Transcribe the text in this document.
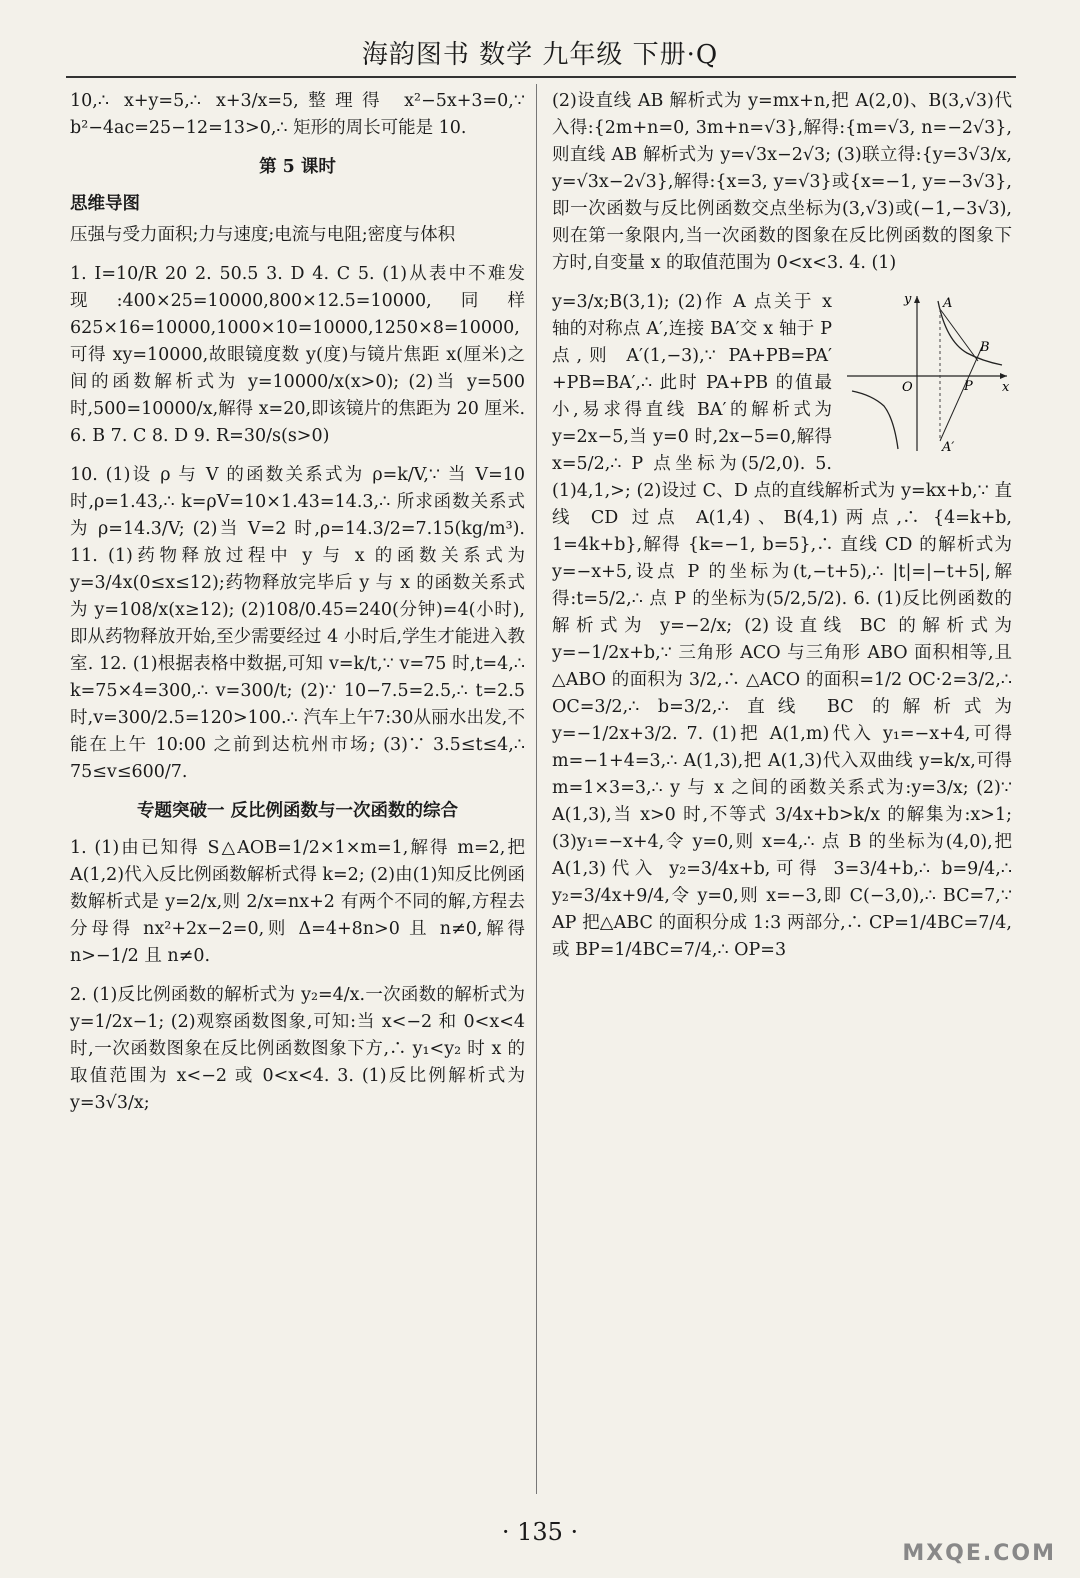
海韵图书 数学 九年级 下册·Q

10,∴ x+y=5,∴ x+3/x=5,整理得 x²−5x+3=0,∵ b²−4ac=25−12=13>0,∴ 矩形的周长可能是 10.

第 5 课时

思维导图

压强与受力面积;力与速度;电流与电阻;密度与体积

1. I=10/R 20 2. 50.5 3. D 4. C 5. (1)从表中不难发现:400×25=10000,800×12.5=10000,同样 625×16=10000,1000×10=10000,1250×8=10000,可得 xy=10000,故眼镜度数 y(度)与镜片焦距 x(厘米)之间的函数解析式为 y=10000/x(x>0); (2)当 y=500 时,500=10000/x,解得 x=20,即该镜片的焦距为 20 厘米. 6. B 7. C 8. D 9. R=30/s(s>0)

10. (1)设 ρ 与 V 的函数关系式为 ρ=k/V,∵ 当 V=10 时,ρ=1.43,∴ k=ρV=10×1.43=14.3,∴ 所求函数关系式为 ρ=14.3/V; (2)当 V=2 时,ρ=14.3/2=7.15(kg/m³). 11. (1)药物释放过程中 y 与 x 的函数关系式为 y=3/4x(0≤x≤12);药物释放完毕后 y 与 x 的函数关系式为 y=108/x(x≥12); (2)108/0.45=240(分钟)=4(小时),即从药物释放开始,至少需要经过 4 小时后,学生才能进入教室. 12. (1)根据表格中数据,可知 v=k/t,∵ v=75 时,t=4,∴ k=75×4=300,∴ v=300/t; (2)∵ 10−7.5=2.5,∴ t=2.5 时,v=300/2.5=120>100.∴ 汽车上午7:30从丽水出发,不能在上午 10:00 之前到达杭州市场; (3)∵ 3.5≤t≤4,∴ 75≤v≤600/7.

专题突破一 反比例函数与一次函数的综合

1. (1)由已知得 S△AOB=1/2×1×m=1,解得 m=2,把 A(1,2)代入反比例函数解析式得 k=2; (2)由(1)知反比例函数解析式是 y=2/x,则 2/x=nx+2 有两个不同的解,方程去分母得 nx²+2x−2=0,则 Δ=4+8n>0 且 n≠0,解得 n>−1/2 且 n≠0.

2. (1)反比例函数的解析式为 y₂=4/x.一次函数的解析式为 y=1/2x−1; (2)观察函数图象,可知:当 x<−2 和 0<x<4 时,一次函数图象在反比例函数图象下方,∴ y₁<y₂ 时 x 的取值范围为 x<−2 或 0<x<4. 3. (1)反比例解析式为 y=3√3/x;

(2)设直线 AB 解析式为 y=mx+n,把 A(2,0)、B(3,√3)代入得:{2m+n=0, 3m+n=√3},解得:{m=√3, n=−2√3},则直线 AB 解析式为 y=√3x−2√3; (3)联立得:{y=3√3/x, y=√3x−2√3},解得:{x=3, y=√3}或{x=−1, y=−3√3},即一次函数与反比例函数交点坐标为(3,√3)或(−1,−3√3),则在第一象限内,当一次函数的图象在反比例函数的图象下方时,自变量 x 的取值范围为 0<x<3. 4. (1)

y
x
O
A
B
P
A′

y=3/x;B(3,1); (2)作 A 点关于 x 轴的对称点 A′,连接 BA′交 x 轴于 P 点,则 A′(1,−3),∵ PA+PB=PA′+PB=BA′,∴ 此时 PA+PB 的值最小,易求得直线 BA′的解析式为 y=2x−5,当 y=0 时,2x−5=0,解得 x=5/2,∴ P 点坐标为(5/2,0). 5. (1)4,1,>; (2)设过 C、D 点的直线解析式为 y=kx+b,∵ 直线 CD 过点 A(1,4)、B(4,1)两点,∴ {4=k+b, 1=4k+b},解得 {k=−1, b=5},∴ 直线 CD 的解析式为 y=−x+5,设点 P 的坐标为(t,−t+5),∴ |t|=|−t+5|,解得:t=5/2,∴ 点 P 的坐标为(5/2,5/2). 6. (1)反比例函数的解析式为 y=−2/x; (2)设直线 BC 的解析式为 y=−1/2x+b,∵ 三角形 ACO 与三角形 ABO 面积相等,且△ABO 的面积为 3/2,∴ △ACO 的面积=1/2 OC·2=3/2,∴ OC=3/2,∴ b=3/2,∴ 直线 BC 的解析式为 y=−1/2x+3/2. 7. (1)把 A(1,m)代入 y₁=−x+4,可得 m=−1+4=3,∴ A(1,3),把 A(1,3)代入双曲线 y=k/x,可得 m=1×3=3,∴ y 与 x 之间的函数关系式为:y=3/x; (2)∵ A(1,3),当 x>0 时,不等式 3/4x+b>k/x 的解集为:x>1; (3)y₁=−x+4,令 y=0,则 x=4,∴ 点 B 的坐标为(4,0),把 A(1,3)代入 y₂=3/4x+b,可得 3=3/4+b,∴ b=9/4,∴ y₂=3/4x+9/4,令 y=0,则 x=−3,即 C(−3,0),∴ BC=7,∵ AP 把△ABC 的面积分成 1:3 两部分,∴ CP=1/4BC=7/4,或 BP=1/4BC=7/4,∴ OP=3

· 135 ·
MXQE.COM
